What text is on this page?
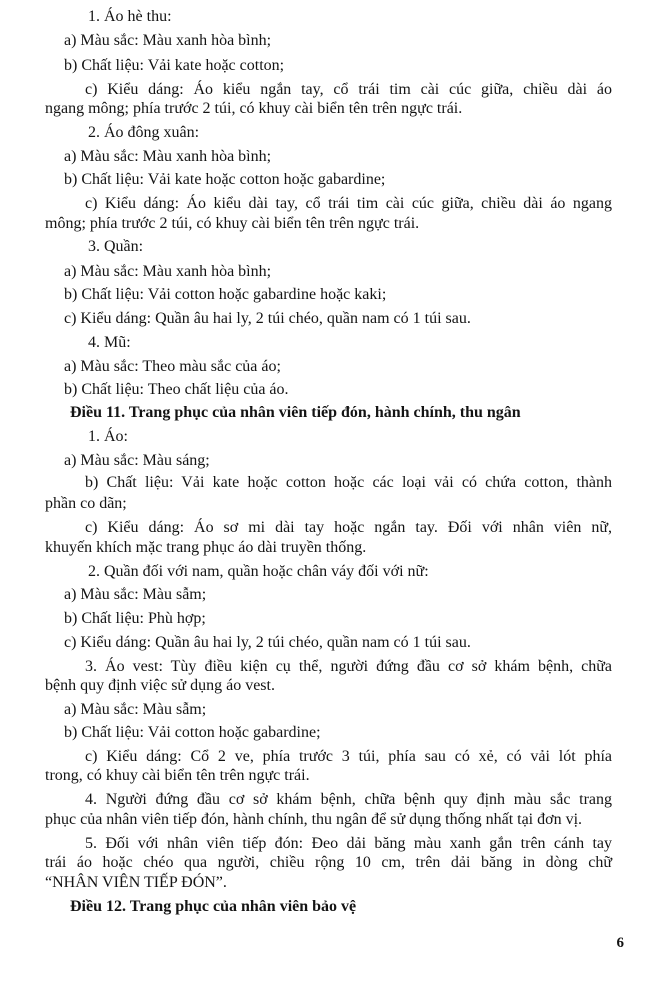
1. Áo hè thu:
a) Màu sắc: Màu xanh hòa bình;
b) Chất liệu: Vải kate hoặc cotton;
c) Kiểu dáng: Áo kiểu ngắn tay, cổ trái tim cài cúc giữa, chiều dài áo
ngang mông; phía trước 2 túi, có khuy cài biển tên trên ngực trái.
2. Áo đông xuân:
a) Màu sắc: Màu xanh hòa bình;
b) Chất liệu: Vải kate hoặc cotton hoặc gabardine;
c) Kiểu dáng: Áo kiểu dài tay, cổ trái tim cài cúc giữa, chiều dài áo ngang
mông; phía trước 2 túi, có khuy cài biển tên trên ngực trái.
3. Quần:
a) Màu sắc: Màu xanh hòa bình;
b) Chất liệu: Vải cotton hoặc gabardine hoặc kaki;
c) Kiểu dáng: Quần âu hai ly, 2 túi chéo, quần nam có 1 túi sau.
4. Mũ:
a) Màu sắc: Theo màu sắc của áo;
b) Chất liệu: Theo chất liệu của áo.
Điều 11. Trang phục của nhân viên tiếp đón, hành chính, thu ngân
1. Áo:
a) Màu sắc: Màu sáng;
b) Chất liệu: Vải kate hoặc cotton hoặc các loại vải có chứa cotton, thành
phần co dãn;
c) Kiểu dáng: Áo sơ mi dài tay hoặc ngắn tay. Đối với nhân viên nữ,
khuyến khích mặc trang phục áo dài truyền thống.
2. Quần đối với nam, quần hoặc chân váy đối với nữ:
a) Màu sắc: Màu sẫm;
b) Chất liệu: Phù hợp;
c) Kiểu dáng: Quần âu hai ly, 2 túi chéo, quần nam có 1 túi sau.
3. Áo vest: Tùy điều kiện cụ thể, người đứng đầu cơ sở khám bệnh, chữa
bệnh quy định việc sử dụng áo vest.
a) Màu sắc: Màu sẫm;
b) Chất liệu: Vải cotton hoặc gabardine;
c) Kiểu dáng: Cổ 2 ve, phía trước 3 túi, phía sau có xẻ, có vải lót phía
trong, có khuy cài biển tên trên ngực trái.
4. Người đứng đầu cơ sở khám bệnh, chữa bệnh quy định màu sắc trang
phục của nhân viên tiếp đón, hành chính, thu ngân để sử dụng thống nhất tại đơn vị.
5. Đối với nhân viên tiếp đón: Đeo dải băng màu xanh gắn trên cánh tay
trái áo hoặc chéo qua người, chiều rộng 10 cm, trên dải băng in dòng chữ
“NHÂN VIÊN TIẾP ĐÓN”.
Điều 12. Trang phục của nhân viên bảo vệ
6
